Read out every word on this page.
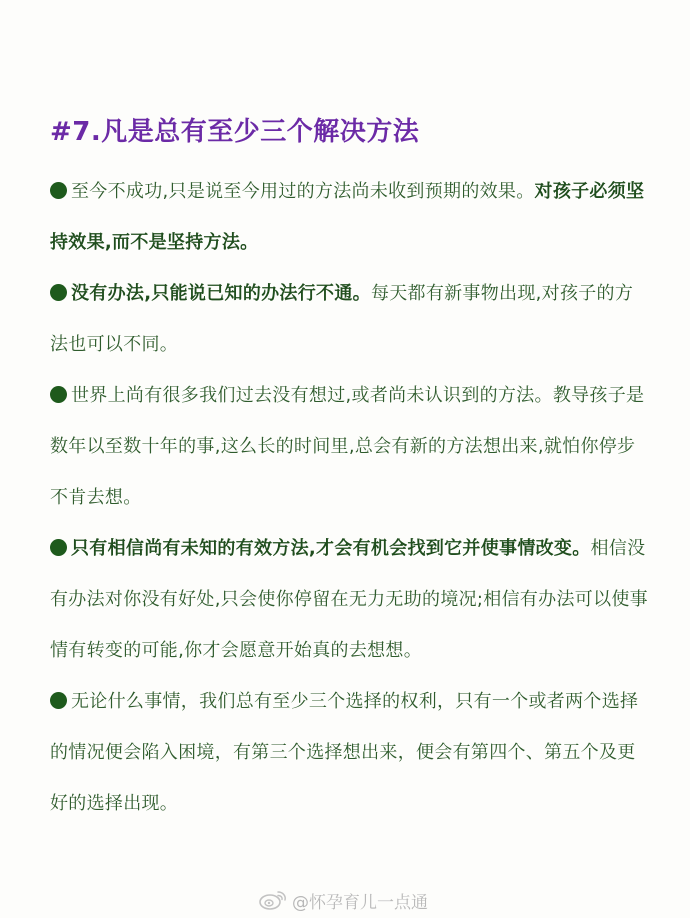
#7.凡是总有至少三个解决方法

至今不成功,只是说至今用过的方法尚未收到预期的效果。对孩子必须坚持效果,而不是坚持方法。

没有办法,只能说已知的办法行不通。每天都有新事物出现,对孩子的方法也可以不同。

世界上尚有很多我们过去没有想过,或者尚未认识到的方法。教导孩子是数年以至数十年的事,这么长的时间里,总会有新的方法想出来,就怕你停步不肯去想。

只有相信尚有未知的有效方法,才会有机会找到它并使事情改变。相信没有办法对你没有好处,只会使你停留在无力无助的境况;相信有办法可以使事情有转变的可能,你才会愿意开始真的去想想。

无论什么事情，我们总有至少三个选择的权利，只有一个或者两个选择的情况便会陷入困境，有第三个选择想出来，便会有第四个、第五个及更好的选择出现。

@怀孕育儿一点通
